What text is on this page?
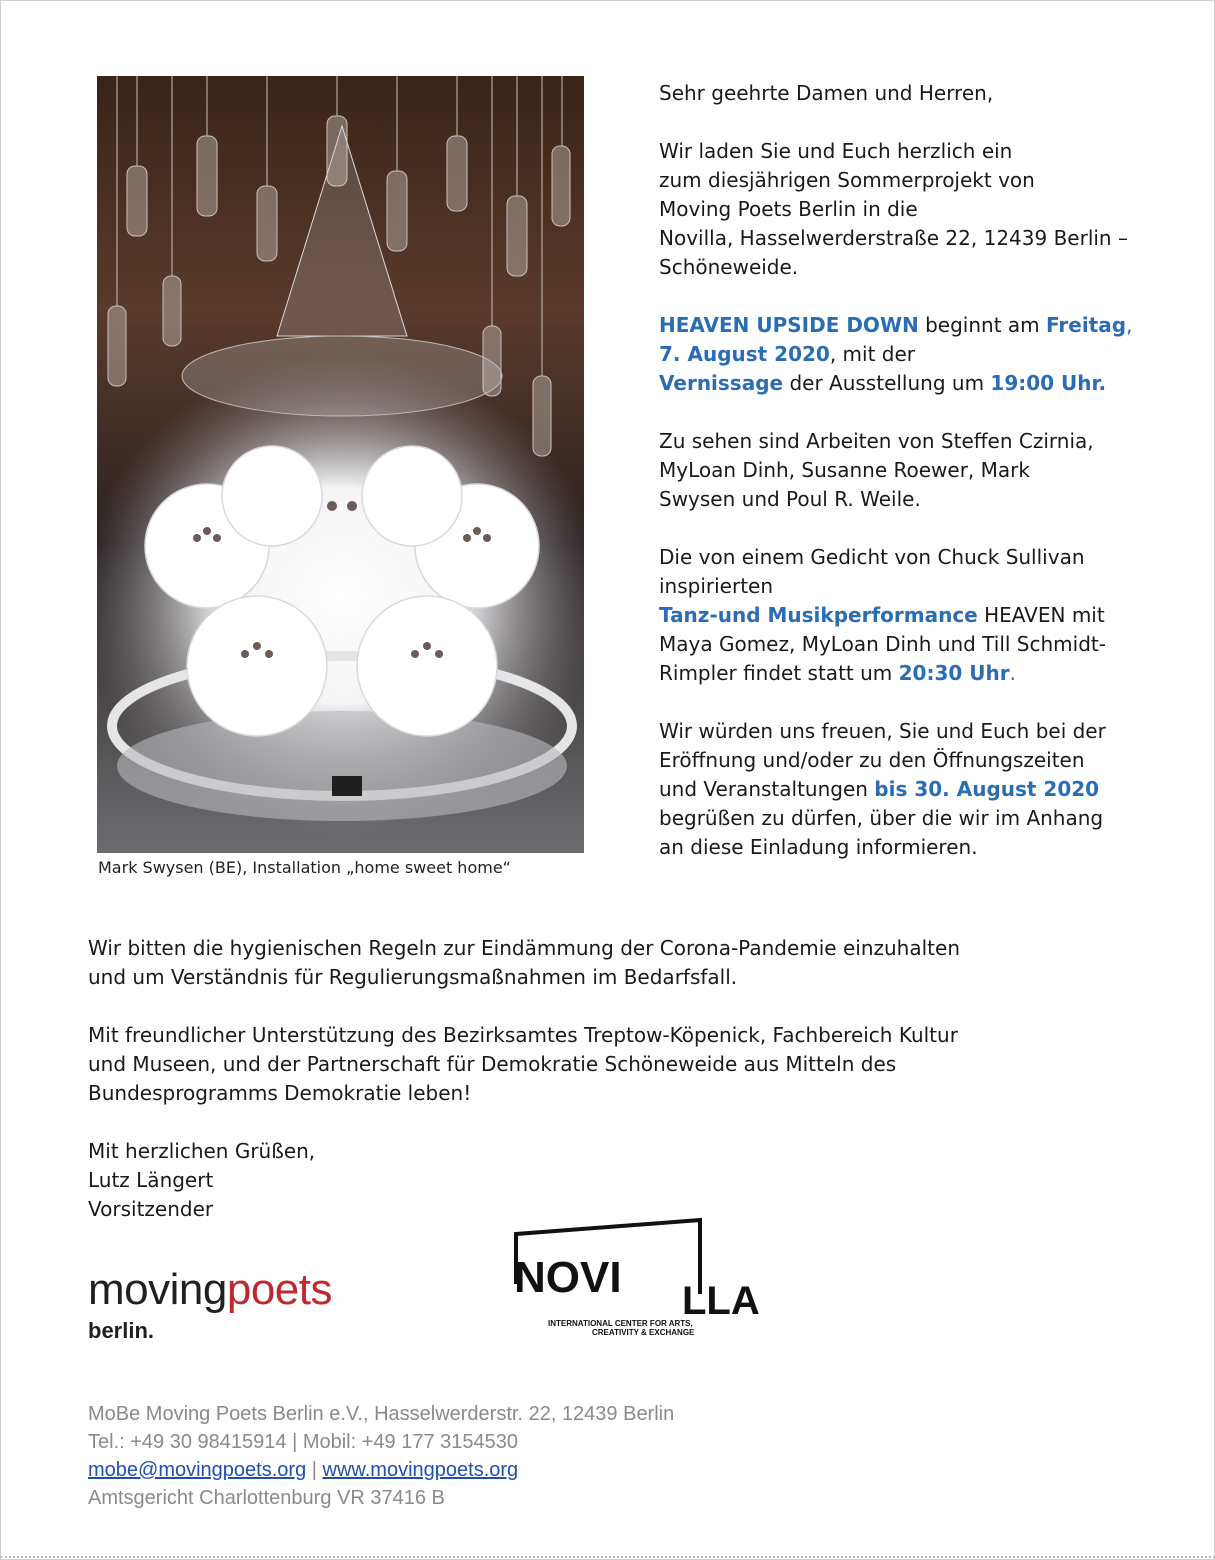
Mark Swysen (BE), Installation „home sweet home“

Sehr geehrte Damen und Herren,

Wir laden Sie und Euch herzlich ein
zum diesjährigen Sommerprojekt von
Moving Poets Berlin in die
Novilla, Hasselwerderstraße 22, 12439 Berlin –
Schöneweide.

HEAVEN UPSIDE DOWN beginnt am Freitag,
7. August 2020, mit der
Vernissage der Ausstellung um 19:00 Uhr.

Zu sehen sind Arbeiten von Steffen Czirnia,
MyLoan Dinh, Susanne Roewer, Mark
Swysen und Poul R. Weile.

Die von einem Gedicht von Chuck Sullivan
inspirierten
Tanz-und Musikperformance HEAVEN mit
Maya Gomez, MyLoan Dinh und Till Schmidt-
Rimpler findet statt um 20:30 Uhr.

Wir würden uns freuen, Sie und Euch bei der
Eröffnung und/oder zu den Öffnungszeiten
und Veranstaltungen bis 30. August 2020
begrüßen zu dürfen, über die wir im Anhang
an diese Einladung informieren.

Wir bitten die hygienischen Regeln zur Eindämmung der Corona-Pandemie einzuhalten
und um Verständnis für Regulierungsmaßnahmen im Bedarfsfall.

Mit freundlicher Unterstützung des Bezirksamtes Treptow-Köpenick, Fachbereich Kultur
und Museen, und der Partnerschaft für Demokratie Schöneweide aus Mitteln des
Bundesprogramms Demokratie leben!

Mit herzlichen Grüßen,
Lutz Längert
Vorsitzender

movingpoets
berlin.
NOVI LLA
INTERNATIONAL CENTER FOR ARTS,
CREATIVITY & EXCHANGE
MoBe Moving Poets Berlin e.V., Hasselwerderstr. 22, 12439 Berlin
Tel.: +49 30 98415914 | Mobil: +49 177 3154530
mobe@movingpoets.org | www.movingpoets.org
Amtsgericht Charlottenburg VR 37416 B
